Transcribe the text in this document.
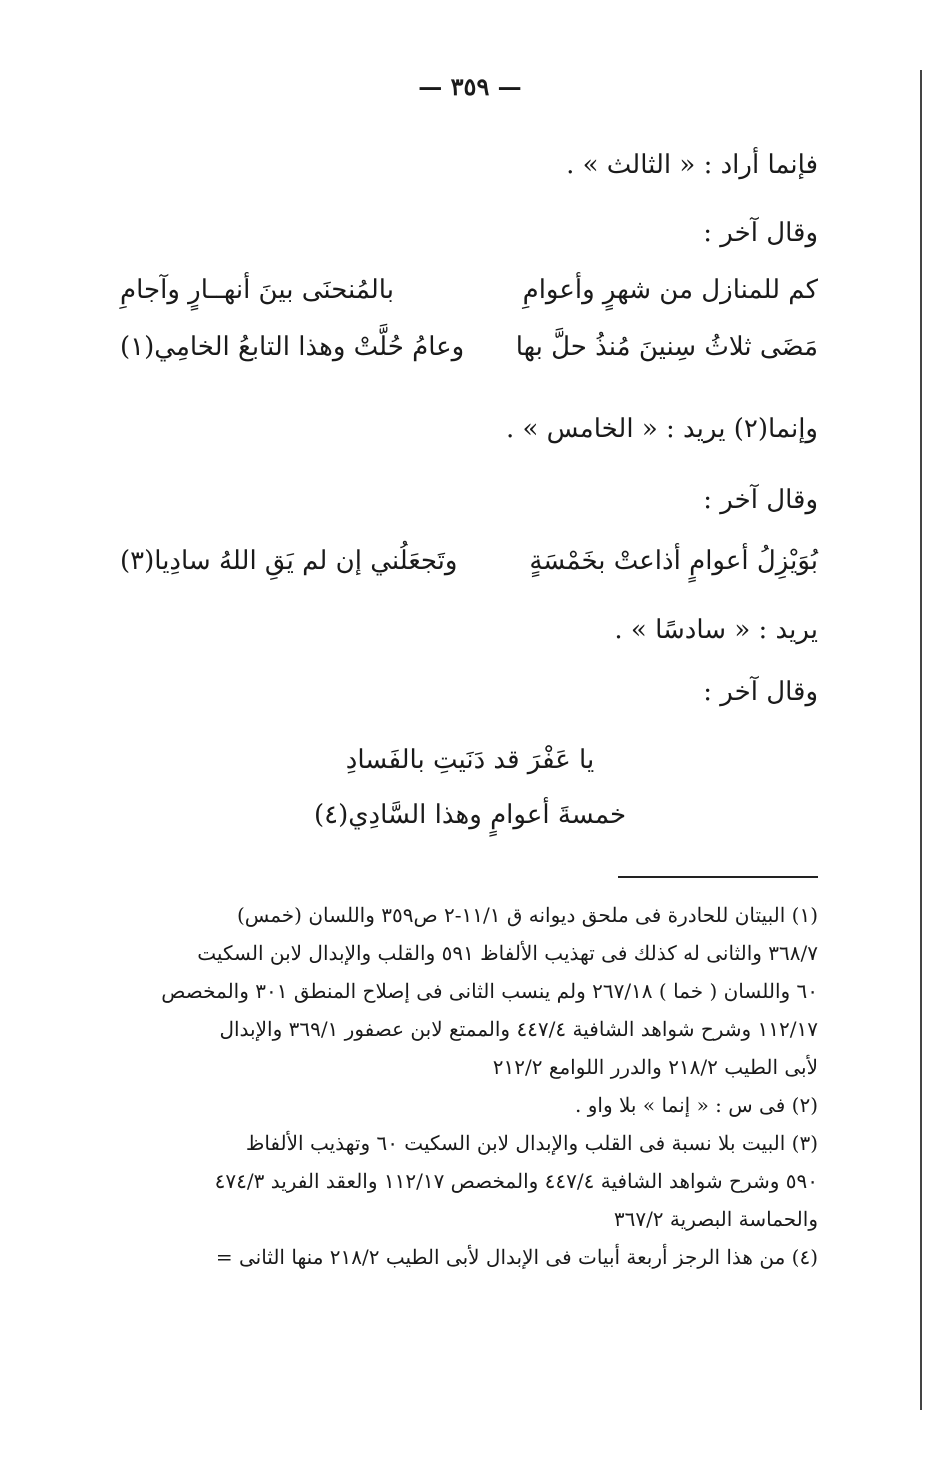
— ٣٥٩ —
فإنما أراد : « الثالث » .
وقال آخر :
كم للمنازل من شهرٍ وأعوامِ
بالمُنحنَى بينَ أنهــارٍ وآجامِ
مَضَى ثلاثُ سِنينَ مُنذُ حلَّ بها
وعامُ حُلَّتْ وهذا التابعُ الخامِي(١)
وإنما(٢) يريد : « الخامس » .
وقال آخر :
بُوَيْزِلُ أعوامٍ أذاعتْ بخَمْسَةٍ
وتَجعَلُني إن لم يَقِ اللهُ سادِيا(٣)
يريد : « سادسًا » .
وقال آخر :
يا عَفْرَ قد دَنَيتِ بالفَسادِ
خمسةَ أعوامٍ وهذا السَّادِي(٤)
(١) البيتان للحادرة فى ملحق ديوانه ق ١١/١-٢ ص٣٥٩ واللسان (خمس)
٣٦٨/٧ والثانى له كذلك فى تهذيب الألفاظ ٥٩١ والقلب والإبدال لابن السكيت
٦٠ واللسان ( خما ) ٢٦٧/١٨ ولم ينسب الثانى فى إصلاح المنطق ٣٠١ والمخصص
١١٢/١٧ وشرح شواهد الشافية ٤٤٧/٤ والممتع لابن عصفور ٣٦٩/١ والإبدال
لأبى الطيب ٢١٨/٢ والدرر اللوامع ٢١٢/٢
(٢) فى س : « إنما » بلا واو .
(٣) البيت بلا نسبة فى القلب والإبدال لابن السكيت ٦٠ وتهذيب الألفاظ
٥٩٠ وشرح شواهد الشافية ٤٤٧/٤ والمخصص ١١٢/١٧ والعقد الفريد ٤٧٤/٣
والحماسة البصرية ٣٦٧/٢
(٤) من هذا الرجز أربعة أبيات فى الإبدال لأبى الطيب ٢١٨/٢ منها الثانى =
